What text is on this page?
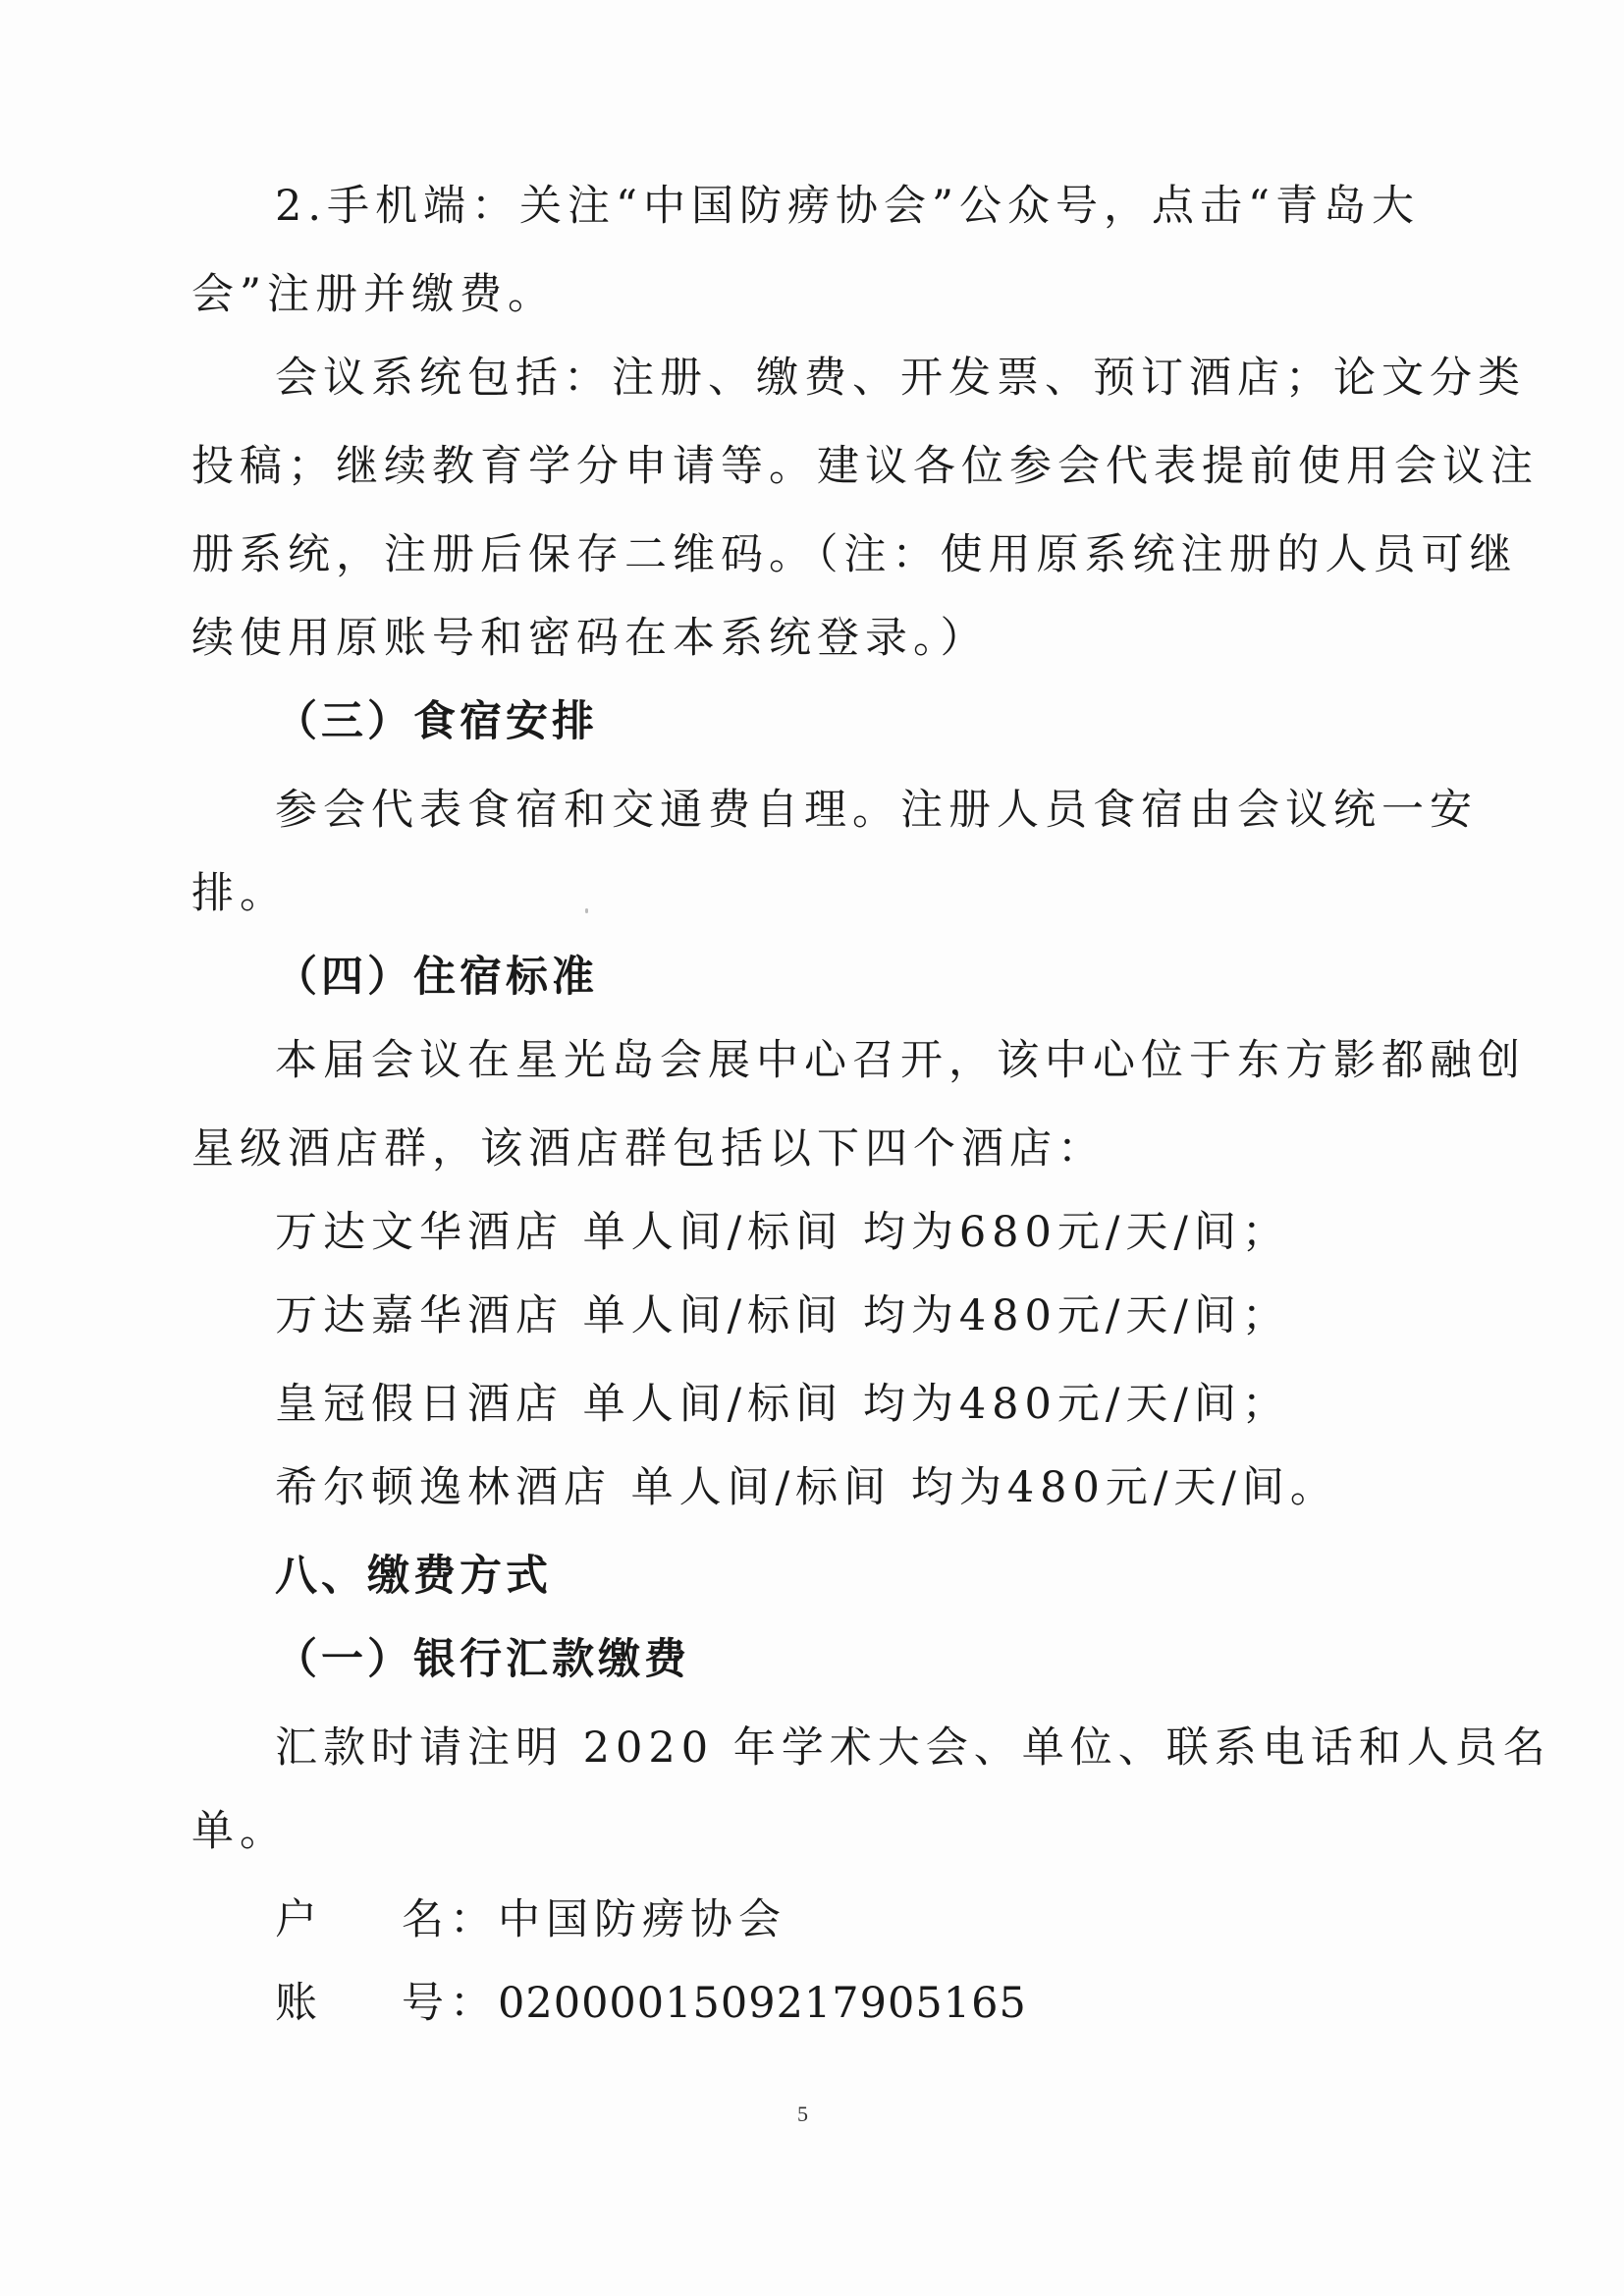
2.手机端：关注“中国防痨协会”公众号，点击“青岛大
会”注册并缴费。
会议系统包括：注册、缴费、开发票、预订酒店；论文分类
投稿；继续教育学分申请等。建议各位参会代表提前使用会议注
册系统，注册后保存二维码。（注：使用原系统注册的人员可继
续使用原账号和密码在本系统登录。）
（三）食宿安排
参会代表食宿和交通费自理。注册人员食宿由会议统一安
排。
（四）住宿标准
本届会议在星光岛会展中心召开，该中心位于东方影都融创
星级酒店群，该酒店群包括以下四个酒店：
万达文华酒店 单人间/标间 均为680元/天/间；
万达嘉华酒店 单人间/标间 均为480元/天/间；
皇冠假日酒店 单人间/标间 均为480元/天/间；
希尔顿逸林酒店 单人间/标间 均为480元/天/间。
八、缴费方式
（一）银行汇款缴费
汇款时请注明 2020 年学术大会、单位、联系电话和人员名
单。
户 名：中国防痨协会
账 号：0200001509217905165
5
